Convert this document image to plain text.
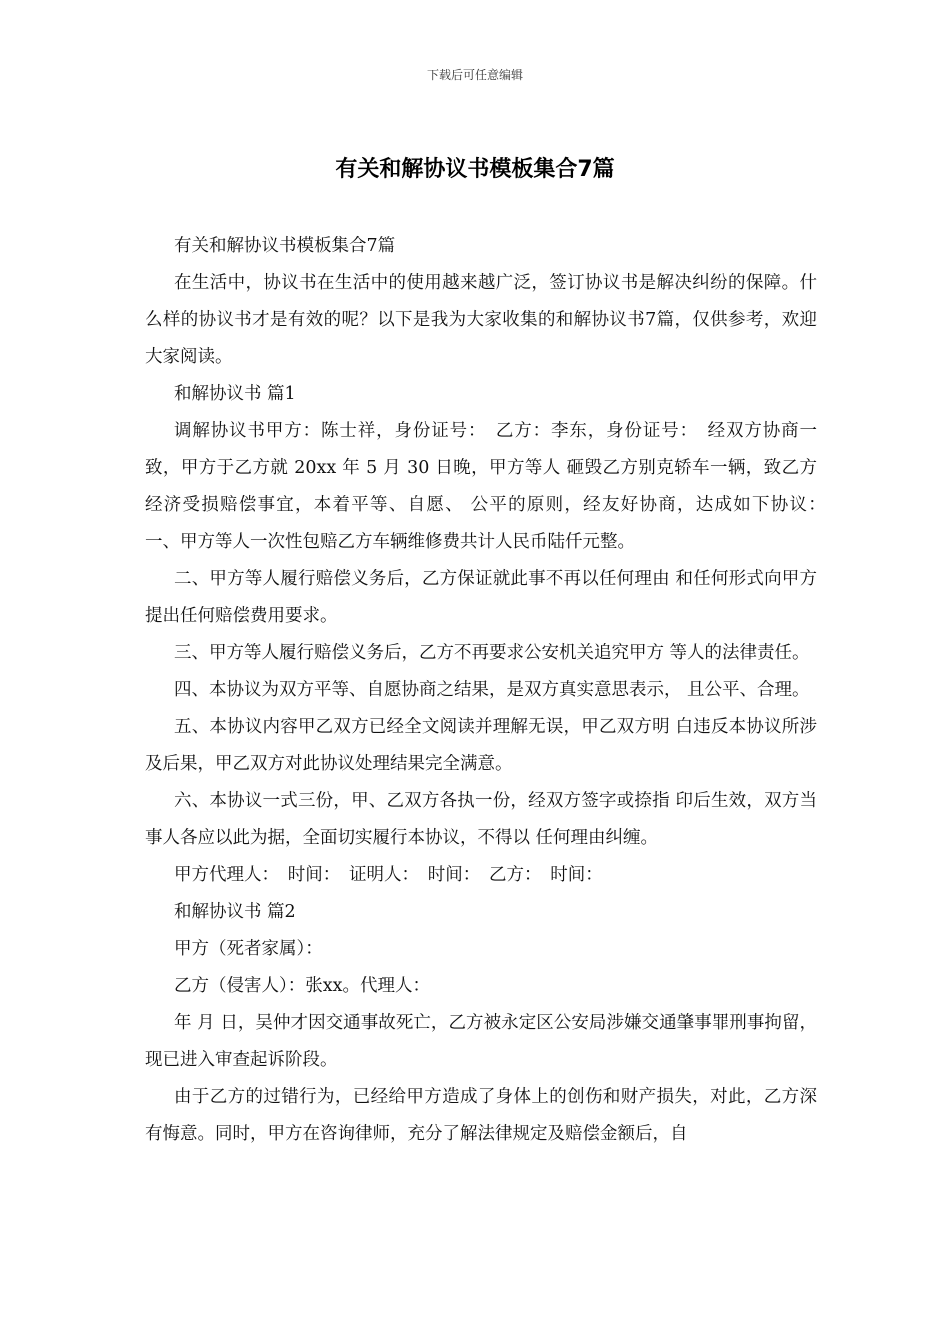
下载后可任意编辑
有关和解协议书模板集合7篇

有关和解协议书模板集合7篇

在生活中，协议书在生活中的使用越来越广泛，签订协议书是解决纠纷的保障。什么样的协议书才是有效的呢？以下是我为大家收集的和解协议书7篇，仅供参考，欢迎大家阅读。

和解协议书 篇1

调解协议书甲方：陈士祥，身份证号：　乙方：李东，身份证号：　经双方协商一致，甲方于乙方就 20xx 年 5 月 30 日晚，甲方等人 砸毁乙方别克轿车一辆，致乙方经济受损赔偿事宜，本着平等、自愿、 公平的原则，经友好协商，达成如下协议：　一、甲方等人一次性包赔乙方车辆维修费共计人民币陆仟元整。

二、甲方等人履行赔偿义务后，乙方保证就此事不再以任何理由 和任何形式向甲方提出任何赔偿费用要求。

三、甲方等人履行赔偿义务后，乙方不再要求公安机关追究甲方 等人的法律责任。

四、本协议为双方平等、自愿协商之结果，是双方真实意思表示， 且公平、合理。

五、本协议内容甲乙双方已经全文阅读并理解无误，甲乙双方明 白违反本协议所涉及后果，甲乙双方对此协议处理结果完全满意。

六、本协议一式三份，甲、乙双方各执一份，经双方签字或捺指 印后生效，双方当事人各应以此为据，全面切实履行本协议，不得以 任何理由纠缠。

甲方代理人：　时间：　证明人：　时间：　乙方：　时间：

和解协议书 篇2

甲方（死者家属）：

乙方（侵害人）：张xx。代理人：

年 月 日，吴仲才因交通事故死亡，乙方被永定区公安局涉嫌交通肇事罪刑事拘留，现已进入审查起诉阶段。

由于乙方的过错行为，已经给甲方造成了身体上的创伤和财产损失，对此，乙方深有悔意。同时，甲方在咨询律师，充分了解法律规定及赔偿金额后，自
